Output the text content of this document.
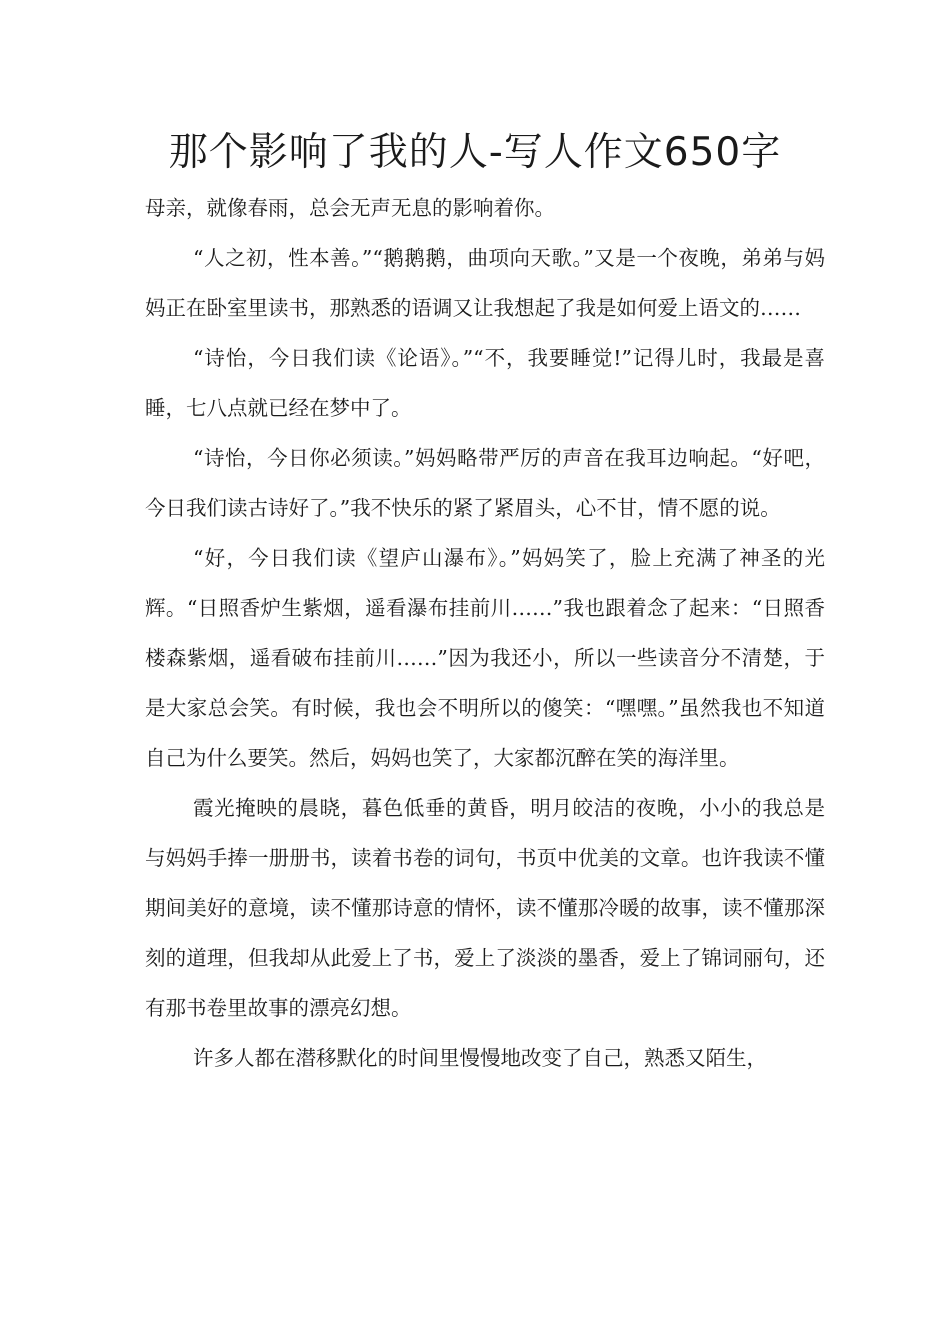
那个影响了我的人-写人作文650字

母亲，就像春雨，总会无声无息的影响着你。

“人之初，性本善。”“鹅鹅鹅，曲项向天歌。”又是一个夜晚，弟弟与妈妈正在卧室里读书，那熟悉的语调又让我想起了我是如何爱上语文的……

“诗怡，今日我们读《论语》。”“不，我要睡觉!”记得儿时，我最是喜睡，七八点就已经在梦中了。

“诗怡，今日你必须读。”妈妈略带严厉的声音在我耳边响起。“好吧，今日我们读古诗好了。”我不快乐的紧了紧眉头，心不甘，情不愿的说。

“好，今日我们读《望庐山瀑布》。”妈妈笑了，脸上充满了神圣的光辉。“日照香炉生紫烟，遥看瀑布挂前川……”我也跟着念了起来：“日照香楼森紫烟，遥看破布挂前川……”因为我还小，所以一些读音分不清楚，于是大家总会笑。有时候，我也会不明所以的傻笑：“嘿嘿。”虽然我也不知道自己为什么要笑。然后，妈妈也笑了，大家都沉醉在笑的海洋里。

霞光掩映的晨晓，暮色低垂的黄昏，明月皎洁的夜晚，小小的我总是与妈妈手捧一册册书，读着书卷的词句，书页中优美的文章。也许我读不懂期间美好的意境，读不懂那诗意的情怀，读不懂那冷暖的故事，读不懂那深刻的道理，但我却从此爱上了书，爱上了淡淡的墨香，爱上了锦词丽句，还有那书卷里故事的漂亮幻想。

许多人都在潜移默化的时间里慢慢地改变了自己，熟悉又陌生，
